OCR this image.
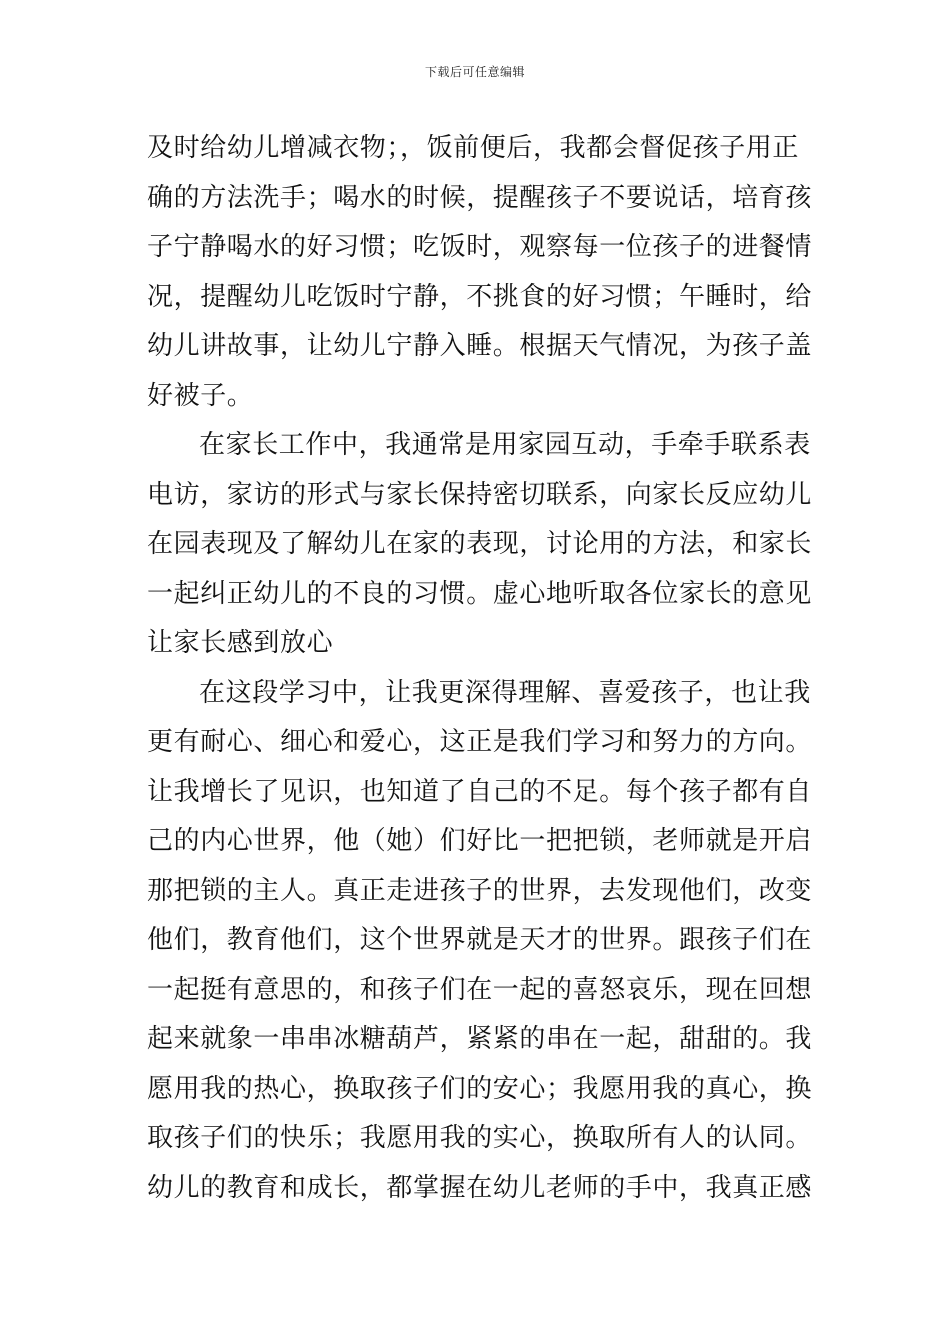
下载后可任意编辑
及时给幼儿增减衣物；，饭前便后，我都会督促孩子用正
确的方法洗手；喝水的时候，提醒孩子不要说话，培育孩
子宁静喝水的好习惯；吃饭时，观察每一位孩子的进餐情
况，提醒幼儿吃饭时宁静，不挑食的好习惯；午睡时，给
幼儿讲故事，让幼儿宁静入睡。根据天气情况，为孩子盖
好被子。
在家长工作中，我通常是用家园互动，手牵手联系表
电访，家访的形式与家长保持密切联系，向家长反应幼儿
在园表现及了解幼儿在家的表现，讨论用的方法，和家长
一起纠正幼儿的不良的习惯。虚心地听取各位家长的意见
让家长感到放心
在这段学习中，让我更深得理解、喜爱孩子，也让我
更有耐心、细心和爱心，这正是我们学习和努力的方向。
让我增长了见识，也知道了自己的不足。每个孩子都有自
己的内心世界，他（她）们好比一把把锁，老师就是开启
那把锁的主人。真正走进孩子的世界，去发现他们，改变
他们，教育他们，这个世界就是天才的世界。跟孩子们在
一起挺有意思的，和孩子们在一起的喜怒哀乐，现在回想
起来就象一串串冰糖葫芦，紧紧的串在一起，甜甜的。我
愿用我的热心，换取孩子们的安心；我愿用我的真心，换
取孩子们的快乐；我愿用我的实心，换取所有人的认同。
幼儿的教育和成长，都掌握在幼儿老师的手中，我真正感
